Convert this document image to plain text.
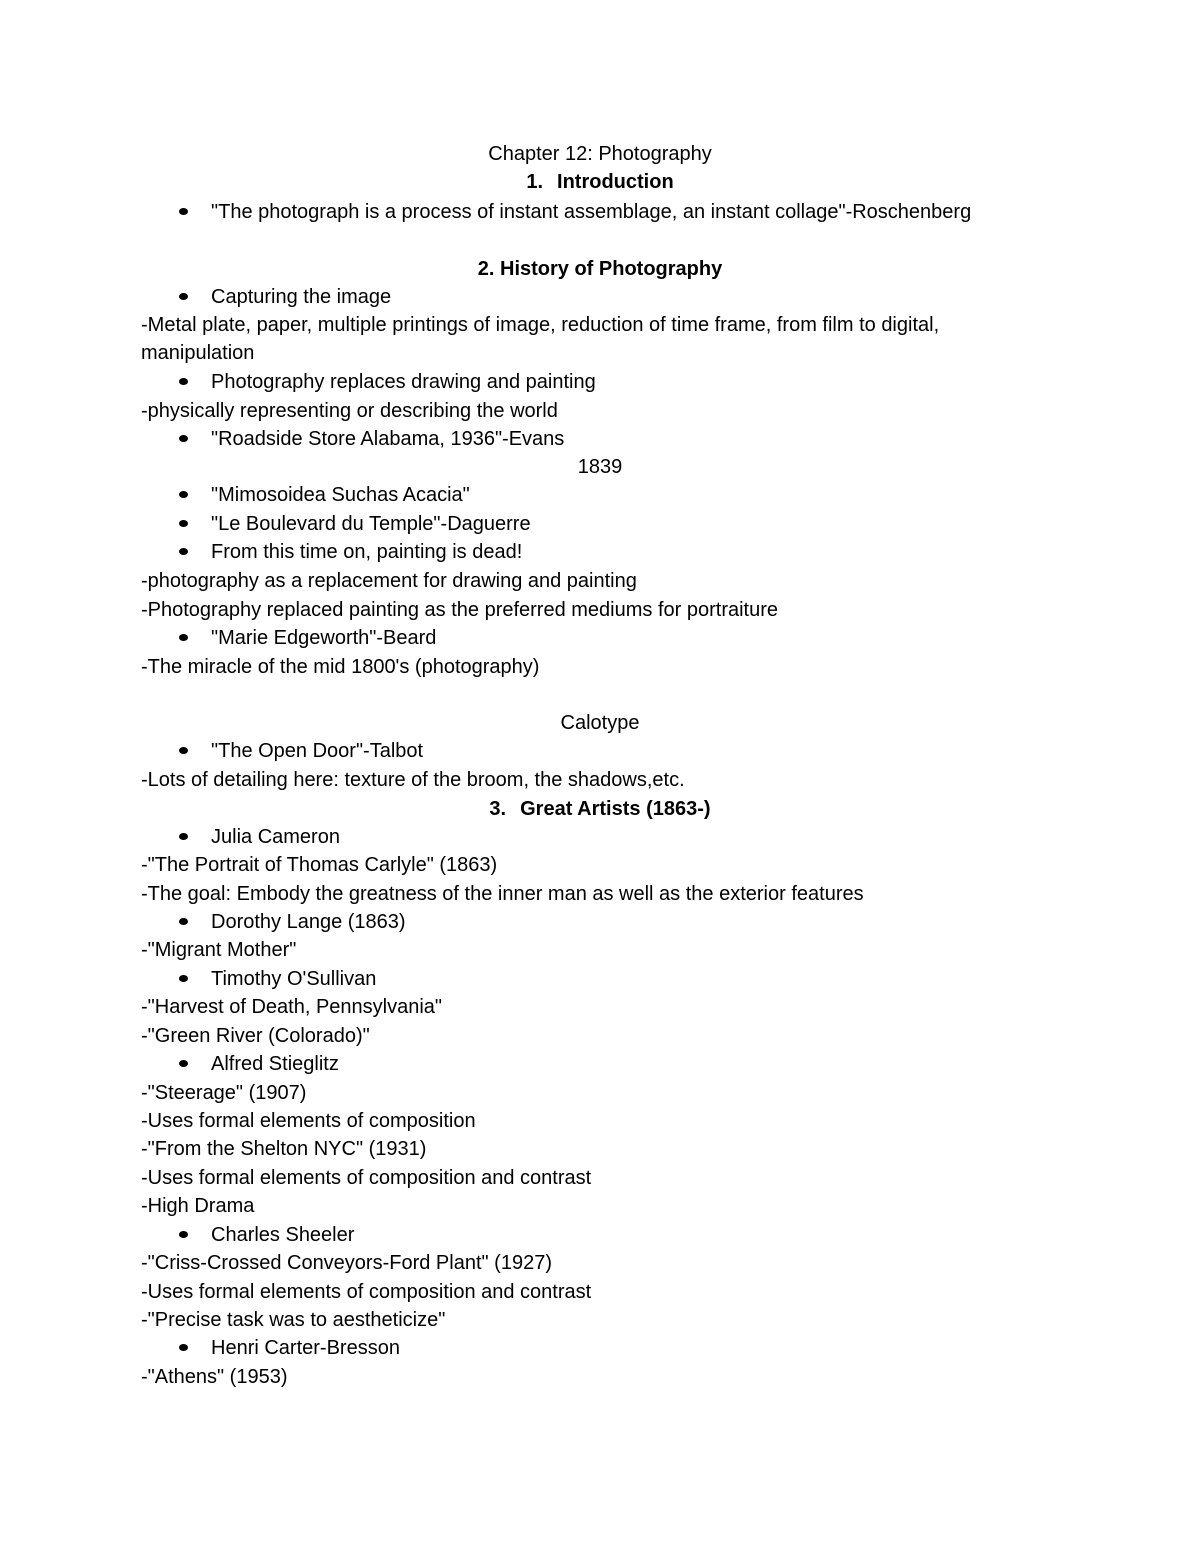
Chapter 12: Photography
1. Introduction
"The photograph is a process of instant assemblage, an instant collage"-Roschenberg
2. History of Photography
Capturing the image
-Metal plate, paper, multiple printings of image, reduction of time frame, from film to digital,
manipulation
Photography replaces drawing and painting
-physically representing or describing the world
"Roadside Store Alabama, 1936"-Evans
1839
"Mimosoidea Suchas Acacia"
"Le Boulevard du Temple"-Daguerre
From this time on, painting is dead!
-photography as a replacement for drawing and painting
-Photography replaced painting as the preferred mediums for portraiture
"Marie Edgeworth"-Beard
-The miracle of the mid 1800's (photography)
Calotype
"The Open Door"-Talbot
-Lots of detailing here: texture of the broom, the shadows,etc.
3. Great Artists (1863-)
Julia Cameron
-"The Portrait of Thomas Carlyle" (1863)
-The goal: Embody the greatness of the inner man as well as the exterior features
Dorothy Lange (1863)
-"Migrant Mother"
Timothy O'Sullivan
-"Harvest of Death, Pennsylvania"
-"Green River (Colorado)"
Alfred Stieglitz
-"Steerage" (1907)
-Uses formal elements of composition
-"From the Shelton NYC" (1931)
-Uses formal elements of composition and contrast
-High Drama
Charles Sheeler
-"Criss-Crossed Conveyors-Ford Plant" (1927)
-Uses formal elements of composition and contrast
-"Precise task was to aestheticize"
Henri Carter-Bresson
-"Athens" (1953)
